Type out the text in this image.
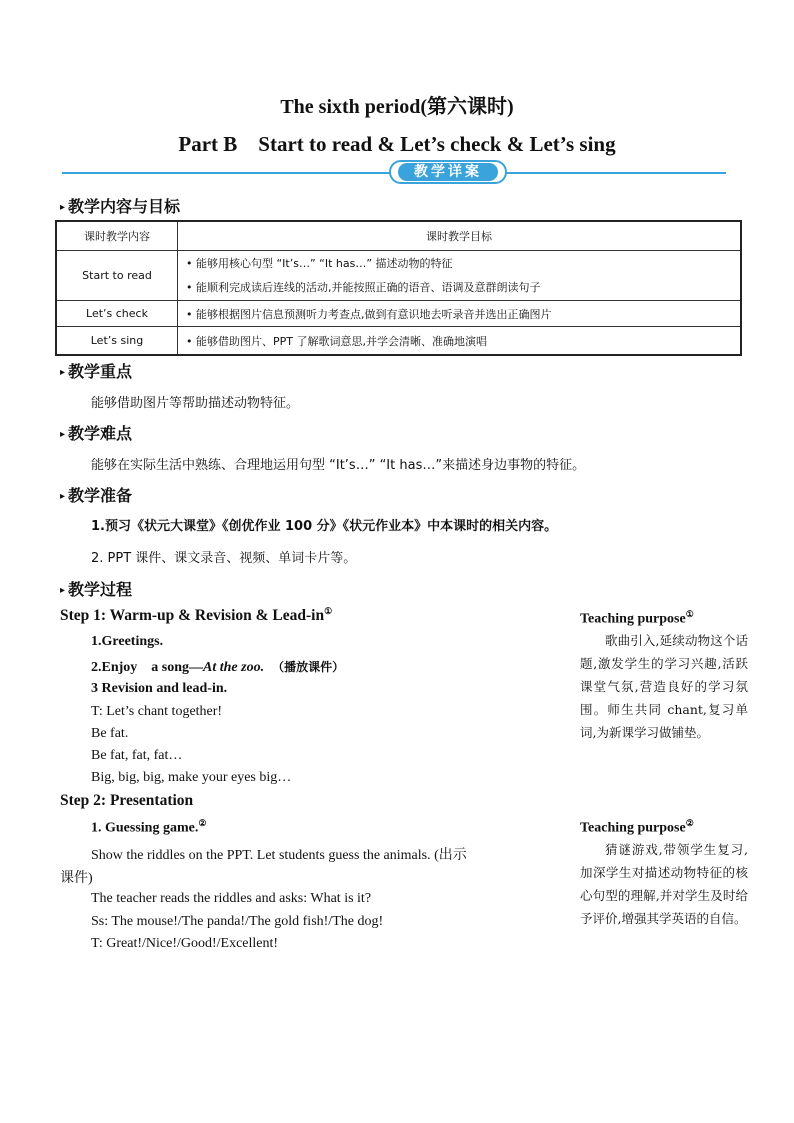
The sixth period(第六课时)
Part B　Start to read & Let’s check & Let’s sing
教学详案
▸ 教学内容与目标
课时教学内容	课时教学目标
Start to read	• 能够用核心句型 “It’s…” “It has…” 描述动物的特征
• 能顺利完成读后连线的活动,并能按照正确的语音、语调及意群朗读句子

Let’s check	• 能够根据图片信息预测听力考查点,做到有意识地去听录音并选出正确图片
Let’s sing	• 能够借助图片、PPT 了解歌词意思,并学会清晰、准确地演唱
▸ 教学重点
能够借助图片等帮助描述动物特征。
▸ 教学难点
能够在实际生活中熟练、合理地运用句型 “It’s…” “It has…”来描述身边事物的特征。
▸ 教学准备
1.预习《状元大课堂》《创优作业 100 分》《状元作业本》中本课时的相关内容。
2. PPT 课件、课文录音、视频、单词卡片等。
▸ 教学过程
Step 1: Warm-up & Revision & Lead-in①
1.Greetings.
2.Enjoy　a song—At the zoo. （播放课件）
3 Revision and lead-in.
T: Let’s chant together!
Be fat.
Be fat, fat, fat…
Big, big, big, make your eyes big…
Step 2: Presentation
1. Guessing game.②
Show the riddles on the PPT. Let students guess the animals. (出示
课件)
The teacher reads the riddles and asks: What is it?
Ss: The mouse!/The panda!/The gold fish!/The dog!
T: Great!/Nice!/Good!/Excellent!
Teaching purpose①
歌曲引入,延续动物这个话题,激发学生的学习兴趣,活跃课堂气氛,营造良好的学习氛围。师生共同 chant,复习单词,为新课学习做铺垫。
Teaching purpose②
猜谜游戏,带领学生复习,加深学生对描述动物特征的核心句型的理解,并对学生及时给予评价,增强其学英语的自信。
